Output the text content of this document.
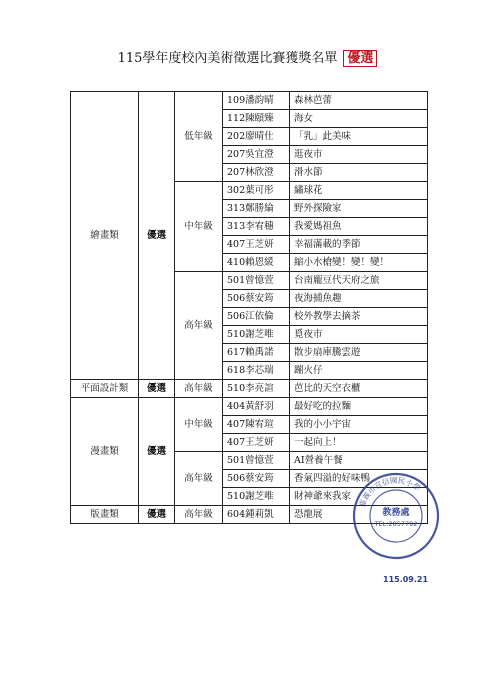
115學年度校內美術徵選比賽獲獎名單 優選
繪畫類	優選	低年級	109潘韵晴	森林芭蕾
			112陳頤臻	海女
			202廖晴仕	「乳」此美味
			207吳宜澄	逛夜市
			207林欣澄	滑水節
		中年級	302葉可彤	繡球花
			313鄭勝綸	野外探險家
			313李宥穗	我愛媽祖魚
			407王芝妍	幸福滿載的季節
			410賴恩緩	縮小水槍變！變！變！
		高年級	501曾憶萱	台南龐豆代天府之旅
			506蔡安筠	夜海捕魚趣
			506江依倫	校外教學去摘茶
			510謝芝唯	覓夜市
			617賴禹諾	散步扇庫騰雲遊
			618李芯瑞	蹦火仔
平面設計類	優選	高年級	510李亮諠	芭比的天空衣櫃
漫畫類	優選	中年級	404黃舒羽	最好吃的拉麵
			407陳宥瑄	我的小小宇宙
			407王芝妍	一起向上！
		高年級	501曾憶萱	AI營養午餐
			506蔡安筠	香氣四溢的好味鴨
			510謝芝唯	財神爺來我家
版畫類	優選	高年級	604鍾莉凱	恐龍展
嘉義市宣信國民小學
教務處
TEL:2857792
115.09.21
